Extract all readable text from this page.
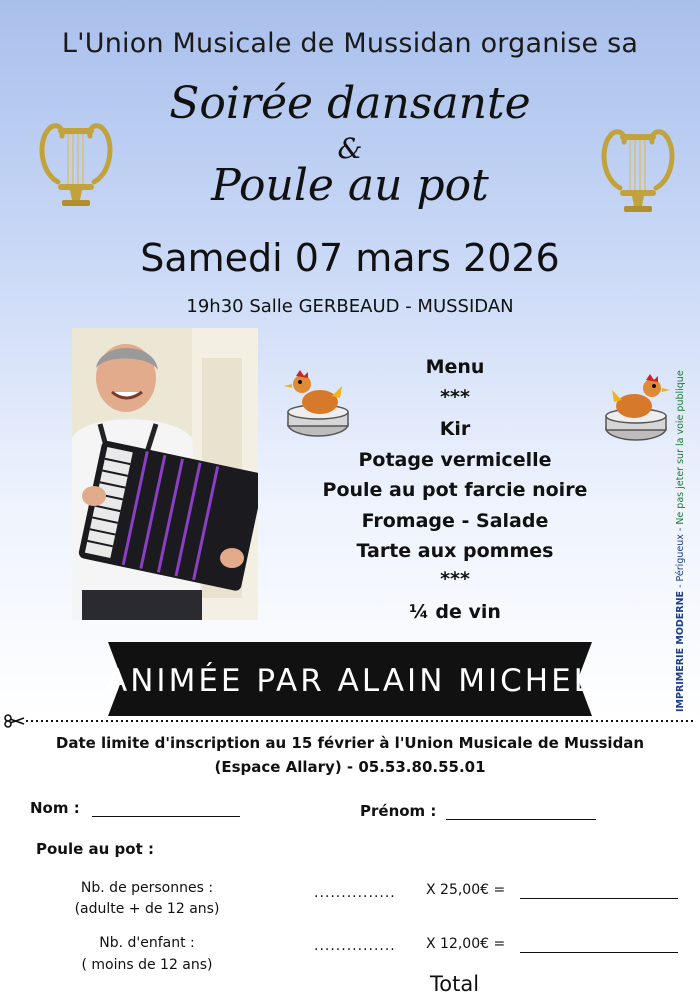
L'Union Musicale de Mussidan organise sa
Soirée dansante
&
Poule au pot
Samedi 07 mars 2026
19h30 Salle GERBEAUD - MUSSIDAN
Menu
***
Kir
Potage vermicelle
Poule au pot farcie noire
Fromage - Salade
Tarte aux pommes
***
¼ de vin
ANIMÉE PAR ALAIN MICHEL	IMPRIMERIE MODERNE - Périgueux - Ne pas jeter sur la voie publique
Date limite d'inscription au 15 février à l'Union Musicale de Mussidan
(Espace Allary) - 05.53.80.55.01
Nom :	Prénom :
Poule au pot :
Nb. de personnes :
(adulte + de 12 ans)
............... X 25,00€ =
Nb. d'enfant :
( moins de 12 ans)
............... X 12,00€ =
Total
